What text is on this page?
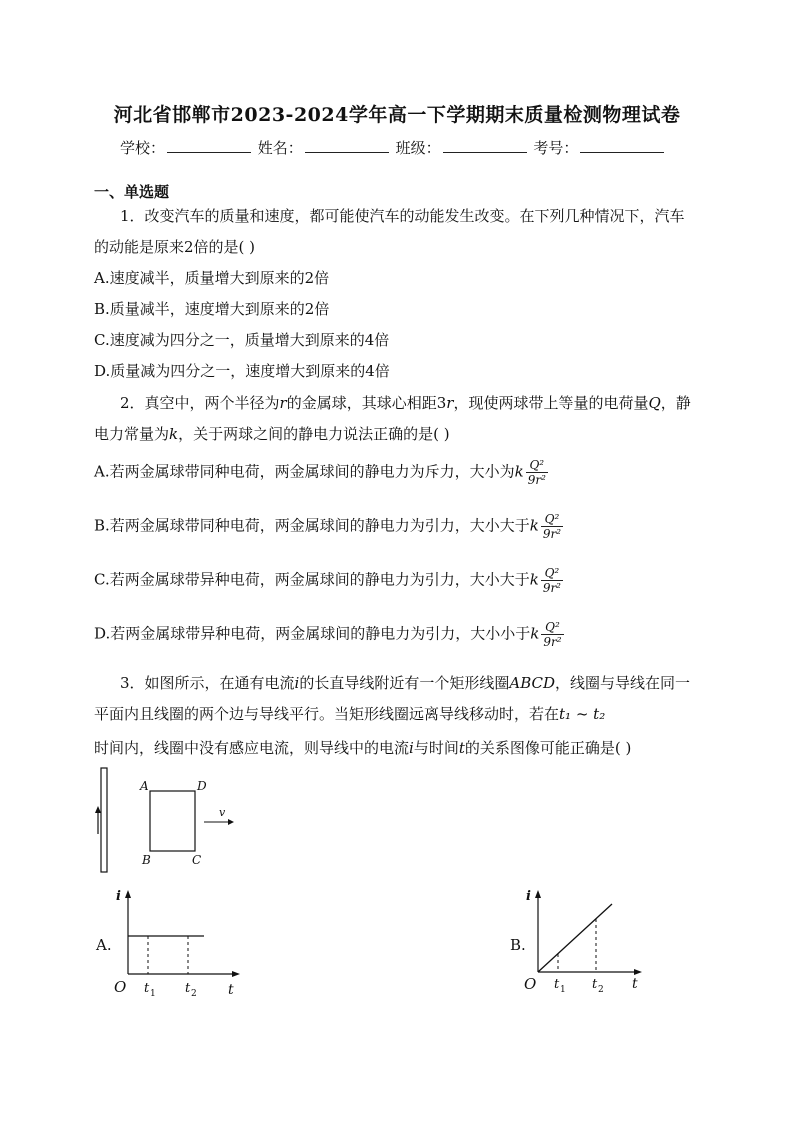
河北省邯郸市2023-2024学年高一下学期期末质量检测物理试卷
学校：	姓名：	班级：	考号：
一、单选题
1．改变汽车的质量和速度，都可能使汽车的动能发生改变。在下列几种情况下，汽车
的动能是原来2倍的是( )
A.速度减半，质量增大到原来的2倍
B.质量减半，速度增大到原来的2倍
C.速度减为四分之一，质量增大到原来的4倍
D.质量减为四分之一，速度增大到原来的4倍
2．真空中，两个半径为r的金属球，其球心相距3r，现使两球带上等量的电荷量Q，静
电力常量为k，关于两球之间的静电力说法正确的是( )
A.若两金属球带同种电荷，两金属球间的静电力为斥力，大小为k $\frac{\text{Q²}}{\text{9r²}}$
B.若两金属球带同种电荷，两金属球间的静电力为引力，大小大于k $\frac{\text{Q²}}{\text{9r²}}$
C.若两金属球带异种电荷，两金属球间的静电力为引力，大小大于k $\frac{\text{Q²}}{\text{9r²}}$
D.若两金属球带异种电荷，两金属球间的静电力为引力，大小小于k $\frac{\text{Q²}}{\text{9r²}}$
3．如图所示，在通有电流i的长直导线附近有一个矩形线圈ABCD，线圈与导线在同一
平面内且线圈的两个边与导线平行。当矩形线圈远离导线移动时，若在t₁ ~ t₂
时间内，线圈中没有感应电流，则导线中的电流i与时间t的关系图像可能正确是( )
A	D
B	C
v
A.
i
O	t
t 1 t 2
B.
i
O	t
t 1 t 2
